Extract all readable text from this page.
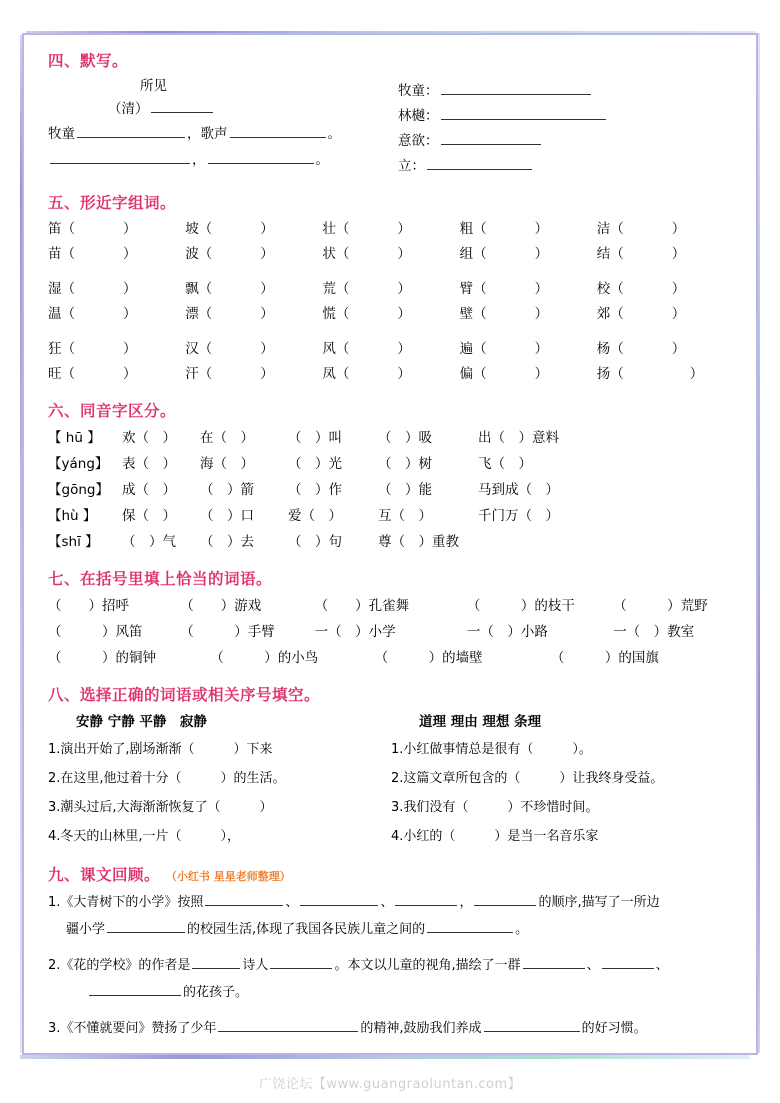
四、默写。
所见
（清）
牧童	，歌声	。
，	。
牧童：
林樾：
意欲：
立：
五、形近字组词。
笛（	）	坡（	）	壮（	）	粗（	）	洁（	）
苗（	）	波（	）	状（	）	组（	）	结（	）
湿（	）	飘（	）	荒（	）	臂（	）	校（	）
温（	）	漂（	）	慌（	）	壁（	）	郊（	）
狂（	）	汉（	）	风（	）	遍（	）	杨（	）
旺（	）	汗（	）	凤（	）	偏（	）	扬（	）
六、同音字区分。
【 hū 】	欢（　）	在（　）	（　）叫	（　）吸	出（　）意料
【yáng】	表（　）	海（　）	（　）光	（　）树	飞（　）
【gōng】 成（　）	（　）箭	（　）作	（　）能	马到成（　）
【hù 】	保（　）	（　）口	爱（　）	互（　）	千门万（　）
【shī 】	（　）气	（　）去	（　）句	尊（　）重教
七、在括号里填上恰当的词语。
（　　）招呼	（　　）游戏	（　　）孔雀舞	（　　　）的枝干	（　　　）荒野
（　　　）风笛	（　　　）手臂	一（　）小学	一（　）小路	一（　）教室
（　　　）的铜钟	（　　　）的小鸟	（　　　）的墙壁	（　　　）的国旗
八、选择正确的词语或相关序号填空。
安静 宁静 平静　寂静
1.演出开始了,剧场渐渐（　　　）下来
2.在这里,他过着十分（　　　）的生活。
3.潮头过后,大海渐渐恢复了（　　　）
4.冬天的山林里,一片（　　　），
道理 理由 理想 条理
1.小红做事情总是很有（　　　）。
2.这篇文章所包含的（　　　）让我终身受益。
3.我们没有（　　　）不珍惜时间。
4.小红的（　　　）是当一名音乐家
九、课文回顾。 （小红书 星星老师整理）
1.《大青树下的小学》按照	、	、	，	的顺序,描写了一所边
疆小学	的校园生活,体现了我国各民族儿童之间的	。
2.《花的学校》的作者是	诗人	。本文以儿童的视角,描绘了一群	、	、
　　　的花孩子。
3.《不懂就要问》赞扬了少年	的精神,鼓励我们养成	的好习惯。
广饶论坛【www.guangraoluntan.com】
